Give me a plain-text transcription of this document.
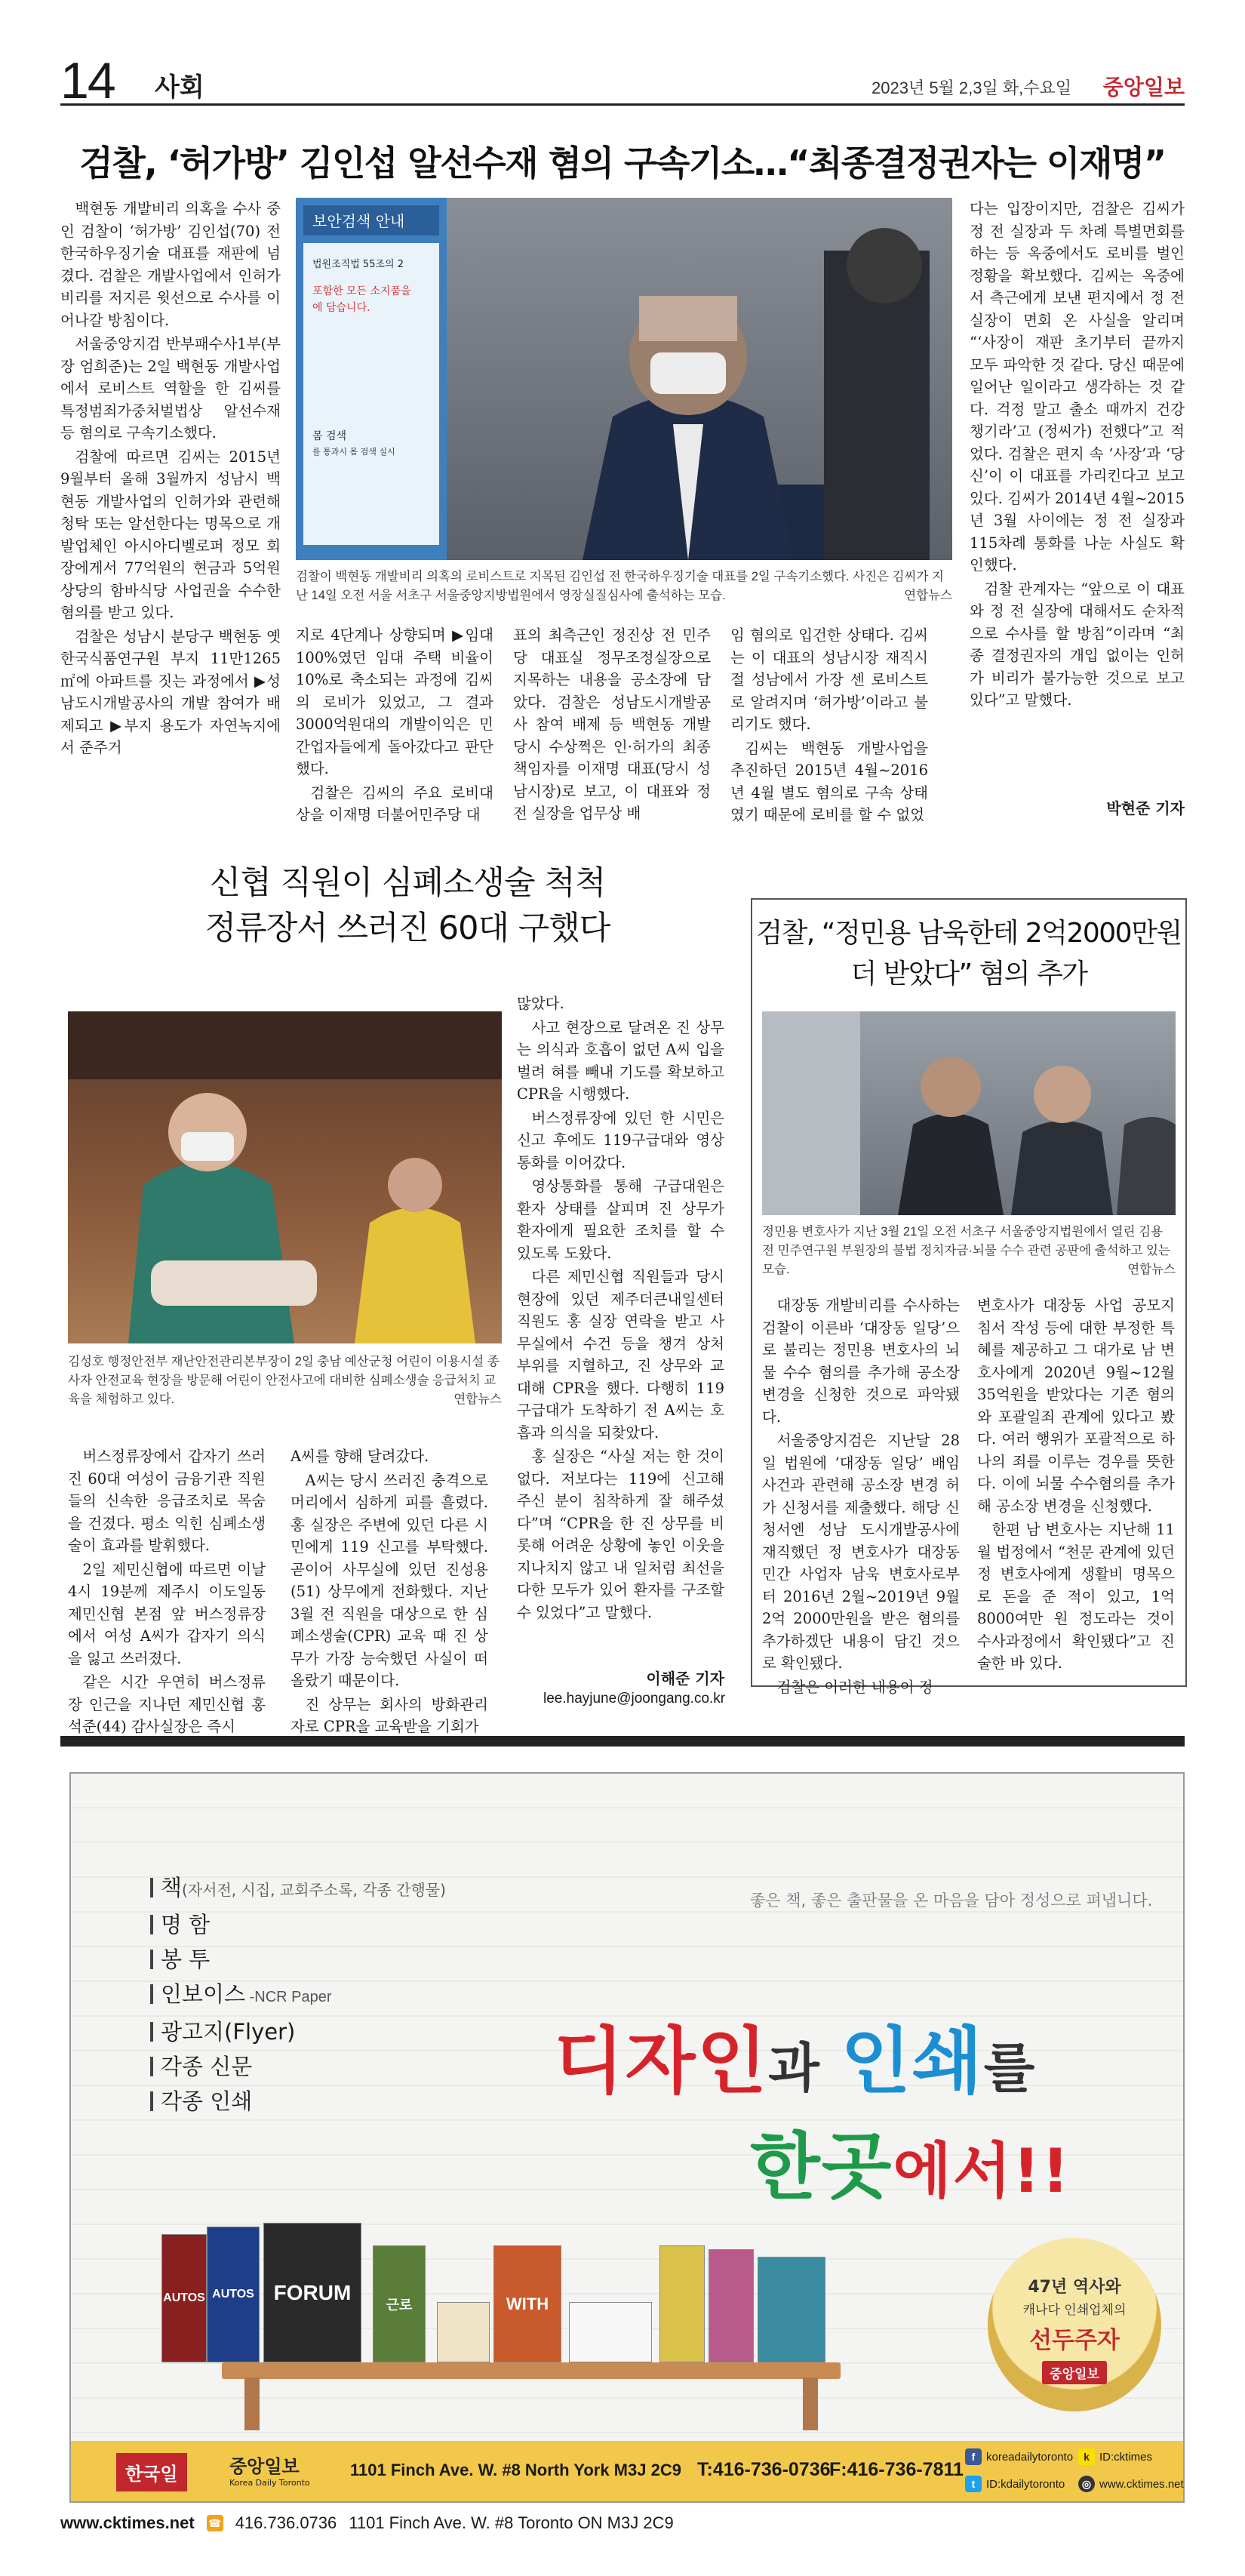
14 사회	2023년 5월 2,3일 화,수요일 중앙일보
검찰, ‘허가방’ 김인섭 알선수재 혐의 구속기소…“최종결정권자는 이재명”

백현동 개발비리 의혹을 수사 중인 검찰이 ‘허가방’ 김인섭(70) 전 한국하우징기술 대표를 재판에 넘겼다. 검찰은 개발사업에서 인허가 비리를 저지른 윗선으로 수사를 이어나갈 방침이다.

서울중앙지검 반부패수사1부(부장 엄희준)는 2일 백현동 개발사업에서 로비스트 역할을 한 김씨를 특정범죄가중처벌법상 알선수재 등 혐의로 구속기소했다.

검찰에 따르면 김씨는 2015년 9월부터 올해 3월까지 성남시 백현동 개발사업의 인허가와 관련해 청탁 또는 알선한다는 명목으로 개발업체인 아시아디벨로퍼 정모 회장에게서 77억원의 현금과 5억원 상당의 함바식당 사업권을 수수한 혐의를 받고 있다.

검찰은 성남시 분당구 백현동 옛 한국식품연구원 부지 11만1265㎡에 아파트를 짓는 과정에서 ▶성남도시개발공사의 개발 참여가 배제되고 ▶부지 용도가 자연녹지에서 준주거

보안검색 안내
법원조직법 55조의 2
포함한 모든 소지품을
에 담습니다.
몸 검색
를 통과시 몸 검색 실시
검찰이 백현동 개발비리 의혹의 로비스트로 지목된 김인섭 전 한국하우징기술 대표를 2일 구속기소했다. 사진은 김씨가 지난 14일 오전 서울 서초구 서울중앙지방법원에서 영장실질심사에 출석하는 모습.	연합뉴스

지로 4단계나 상향되며 ▶임대 100%였던 임대 주택 비율이 10%로 축소되는 과정에 김씨의 로비가 있었고, 그 결과 3000억원대의 개발이익은 민간업자들에게 돌아갔다고 판단했다.

검찰은 김씨의 주요 로비대상을 이재명 더불어민주당 대

표의 최측근인 정진상 전 민주당 대표실 정무조정실장으로 지목하는 내용을 공소장에 담았다. 검찰은 성남도시개발공사 참여 배제 등 백현동 개발 당시 수상쩍은 인·허가의 최종 책임자를 이재명 대표(당시 성남시장)로 보고, 이 대표와 정 전 실장을 업무상 배

임 혐의로 입건한 상태다. 김씨는 이 대표의 성남시장 재직시절 성남에서 가장 센 로비스트로 알려지며 ‘허가방’이라고 불리기도 했다.

김씨는 백현동 개발사업을 추진하던 2015년 4월~2016년 4월 별도 혐의로 구속 상태였기 때문에 로비를 할 수 없었

다는 입장이지만, 검찰은 김씨가 정 전 실장과 두 차례 특별면회를 하는 등 옥중에서도 로비를 벌인 정황을 확보했다. 김씨는 옥중에서 측근에게 보낸 편지에서 정 전 실장이 면회 온 사실을 알리며 “‘사장이 재판 초기부터 끝까지 모두 파악한 것 같다. 당신 때문에 일어난 일이라고 생각하는 것 같다. 걱정 말고 출소 때까지 건강 챙기라’고 (정씨가) 전했다”고 적었다. 검찰은 편지 속 ‘사장’과 ‘당신’이 이 대표를 가리킨다고 보고 있다. 김씨가 2014년 4월~2015년 3월 사이에는 정 전 실장과 115차례 통화를 나눈 사실도 확인했다.

검찰 관계자는 “앞으로 이 대표와 정 전 실장에 대해서도 순차적으로 수사를 할 방침”이라며 “최종 결정권자의 개입 없이는 인허가 비리가 불가능한 것으로 보고 있다”고 말했다.

박현준 기자
신협 직원이 심폐소생술 척척
정류장서 쓰러진 60대 구했다
김성호 행정안전부 재난안전관리본부장이 2일 충남 예산군청 어린이 이용시설 종사자 안전교육 현장을 방문해 어린이 안전사고에 대비한 심폐소생술 응급처치 교육을 체험하고 있다.	연합뉴스

버스정류장에서 갑자기 쓰러진 60대 여성이 금융기관 직원들의 신속한 응급조치로 목숨을 건졌다. 평소 익힌 심폐소생술이 효과를 발휘했다.

2일 제민신협에 따르면 이날 4시 19분께 제주시 이도일동 제민신협 본점 앞 버스정류장에서 여성 A씨가 갑자기 의식을 잃고 쓰러졌다.

같은 시간 우연히 버스정류장 인근을 지나던 제민신협 홍석준(44) 감사실장은 즉시

A씨를 향해 달려갔다.

A씨는 당시 쓰러진 충격으로 머리에서 심하게 피를 흘렸다. 홍 실장은 주변에 있던 다른 시민에게 119 신고를 부탁했다. 곧이어 사무실에 있던 진성용(51) 상무에게 전화했다. 지난 3월 전 직원을 대상으로 한 심폐소생술(CPR) 교육 때 진 상무가 가장 능숙했던 사실이 떠올랐기 때문이다.

진 상무는 회사의 방화관리자로 CPR을 교육받을 기회가

많았다.

사고 현장으로 달려온 진 상무는 의식과 호흡이 없던 A씨 입을 벌려 혀를 빼내 기도를 확보하고 CPR을 시행했다.

버스정류장에 있던 한 시민은 신고 후에도 119구급대와 영상통화를 이어갔다.

영상통화를 통해 구급대원은 환자 상태를 살피며 진 상무가 환자에게 필요한 조치를 할 수 있도록 도왔다.

다른 제민신협 직원들과 당시 현장에 있던 제주더큰내일센터 직원도 홍 실장 연락을 받고 사무실에서 수건 등을 챙겨 상처 부위를 지혈하고, 진 상무와 교대해 CPR을 했다. 다행히 119구급대가 도착하기 전 A씨는 호흡과 의식을 되찾았다.

홍 실장은 “사실 저는 한 것이 없다. 저보다는 119에 신고해 주신 분이 침착하게 잘 해주셨다”며 “CPR을 한 진 상무를 비롯해 어려운 상황에 놓인 이웃을 지나치지 않고 내 일처럼 최선을 다한 모두가 있어 환자를 구조할 수 있었다”고 말했다.

이해준 기자
lee.hayjune@joongang.co.kr
검찰, “정민용 남욱한테 2억2000만원
더 받았다” 혐의 추가
정민용 변호사가 지난 3월 21일 오전 서초구 서울중앙지법원에서 열린 김용 전 민주연구원 부원장의 불법 정치자금·뇌물 수수 관련 공판에 출석하고 있는 모습.	연합뉴스

대장동 개발비리를 수사하는 검찰이 이른바 ‘대장동 일당’으로 불리는 정민용 변호사의 뇌물 수수 혐의를 추가해 공소장 변경을 신청한 것으로 파악됐다.

서울중앙지검은 지난달 28일 법원에 ‘대장동 일당’ 배임 사건과 관련해 공소장 변경 허가 신청서를 제출했다. 해당 신청서엔 성남 도시개발공사에 재직했던 정 변호사가 대장동 민간 사업자 남욱 변호사로부터 2016년 2월~2019년 9월 2억 2000만원을 받은 혐의를 추가하겠단 내용이 담긴 것으로 확인됐다.

검찰은 이러한 내용이 정

변호사가 대장동 사업 공모지침서 작성 등에 대한 부정한 특혜를 제공하고 그 대가로 남 변호사에게 2020년 9월~12월 35억원을 받았다는 기존 혐의와 포괄일죄 관계에 있다고 봤다. 여러 행위가 포괄적으로 하나의 죄를 이루는 경우를 뜻한다. 이에 뇌물 수수혐의를 추가해 공소장 변경을 신청했다.

한편 남 변호사는 지난해 11월 법정에서 “천문 관계에 있던 정 변호사에게 생활비 명목으로 돈을 준 적이 있고, 1억 8000여만 원 정도라는 것이 수사과정에서 확인됐다”고 진술한 바 있다.

좋은 책, 좋은 출판물을 온 마음을 담아 정성으로 펴냅니다.
책(자서전, 시집, 교회주소록, 각종 간행물)
명 함
봉 투
인보이스 -NCR Paper
광고지(Flyer)
각종 신문
각종 인쇄	디자인과 인쇄를
한곳에서!!
AUTOS AUTOS FORUM	WITH
근로
47년 역사와
캐나다 인쇄업체의
선두주자
중앙일보
한국일	중앙일보
Korea Daily Toronto
1101 Finch Ave. W. #8 North York M3J 2C9 T:416-736-0736
F:416-736-7811
f koreadailytoronto
t ID:kdailytoronto
k ID:cktimes
◎ www.cktimes.net
www.cktimes.net ☎ 416.736.0736 1101 Finch Ave. W. #8 Toronto ON M3J 2C9
